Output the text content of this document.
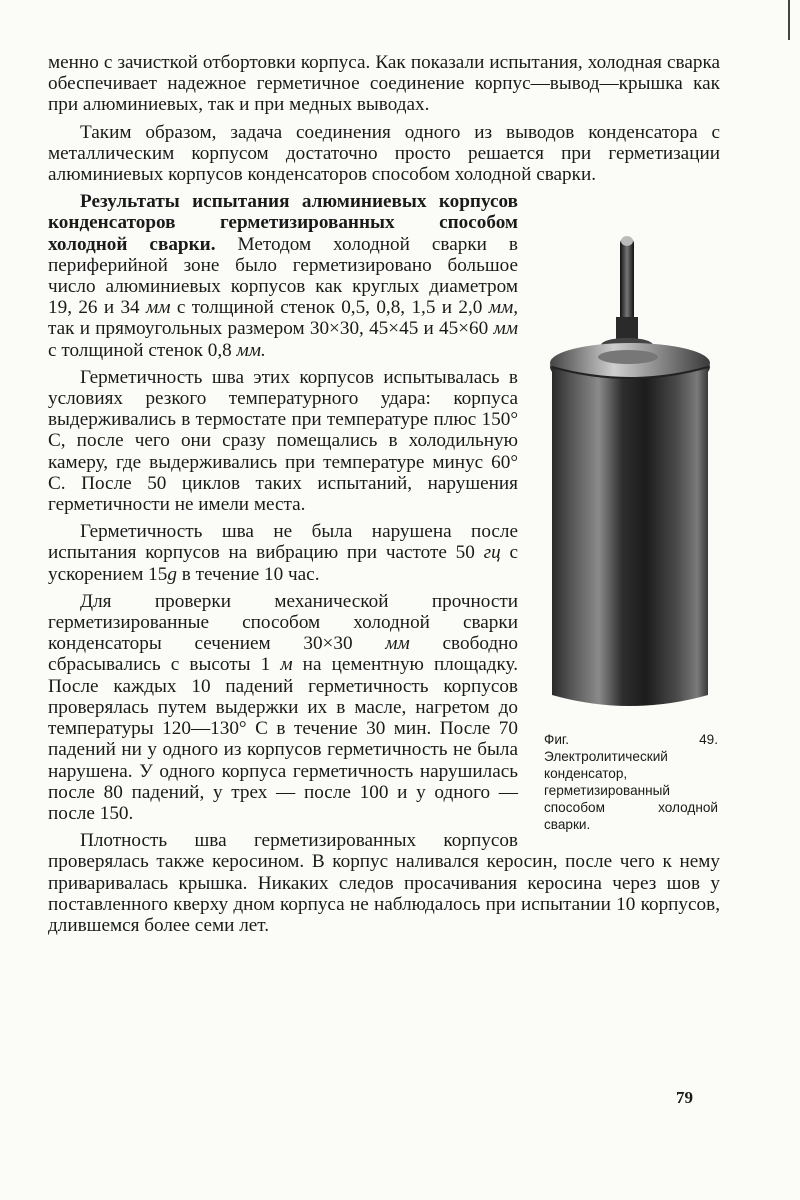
менно с зачисткой отбортовки корпуса. Как показали испытания, холодная сварка обеспечивает надежное герметичное соединение корпус—вывод—крышка как при алюминиевых, так и при медных выводах.

Таким образом, задача соединения одного из выводов конденсатора с металлическим корпусом достаточно просто решается при герметизации алюминиевых корпусов конденсаторов способом холодной сварки.

Фиг. 49. Электролитический конденсатор, герметизированный способом холодной сварки.

Результаты испытания алюминиевых корпусов конденсаторов герметизированных способом холодной сварки. Методом холодной сварки в периферийной зоне было герметизировано большое число алюминиевых корпусов как круглых диаметром 19, 26 и 34 мм с толщиной стенок 0,5, 0,8, 1,5 и 2,0 мм, так и прямоугольных размером 30×30, 45×45 и 45×60 мм с толщиной стенок 0,8 мм.

Герметичность шва этих корпусов испытывалась в условиях резкого температурного удара: корпуса выдерживались в термостате при температуре плюс 150° С, после чего они сразу помещались в холодильную камеру, где выдерживались при температуре минус 60° С. После 50 циклов таких испытаний, нарушения герметичности не имели места.

Герметичность шва не была нарушена после испытания корпусов на вибрацию при частоте 50 гц с ускорением 15g в течение 10 час.

Для проверки механической прочности герметизированные способом холодной сварки конденсаторы сечением 30×30 мм свободно сбрасывались с высоты 1 м на цементную площадку. После каждых 10 падений герметичность корпусов проверялась путем выдержки их в масле, нагретом до температуры 120—130° С в течение 30 мин. После 70 падений ни у одного из корпусов герметичность не была нарушена. У одного корпуса герметичность нарушилась после 80 падений, у трех — после 100 и у одного — после 150.

Плотность шва герметизированных корпусов проверялась также керосином. В корпус наливался керосин, после чего к нему приваривалась крышка. Никаких следов просачивания керосина через шов у поставленного кверху дном корпуса не наблюдалось при испытании 10 корпусов, длившемся более семи лет.

79
